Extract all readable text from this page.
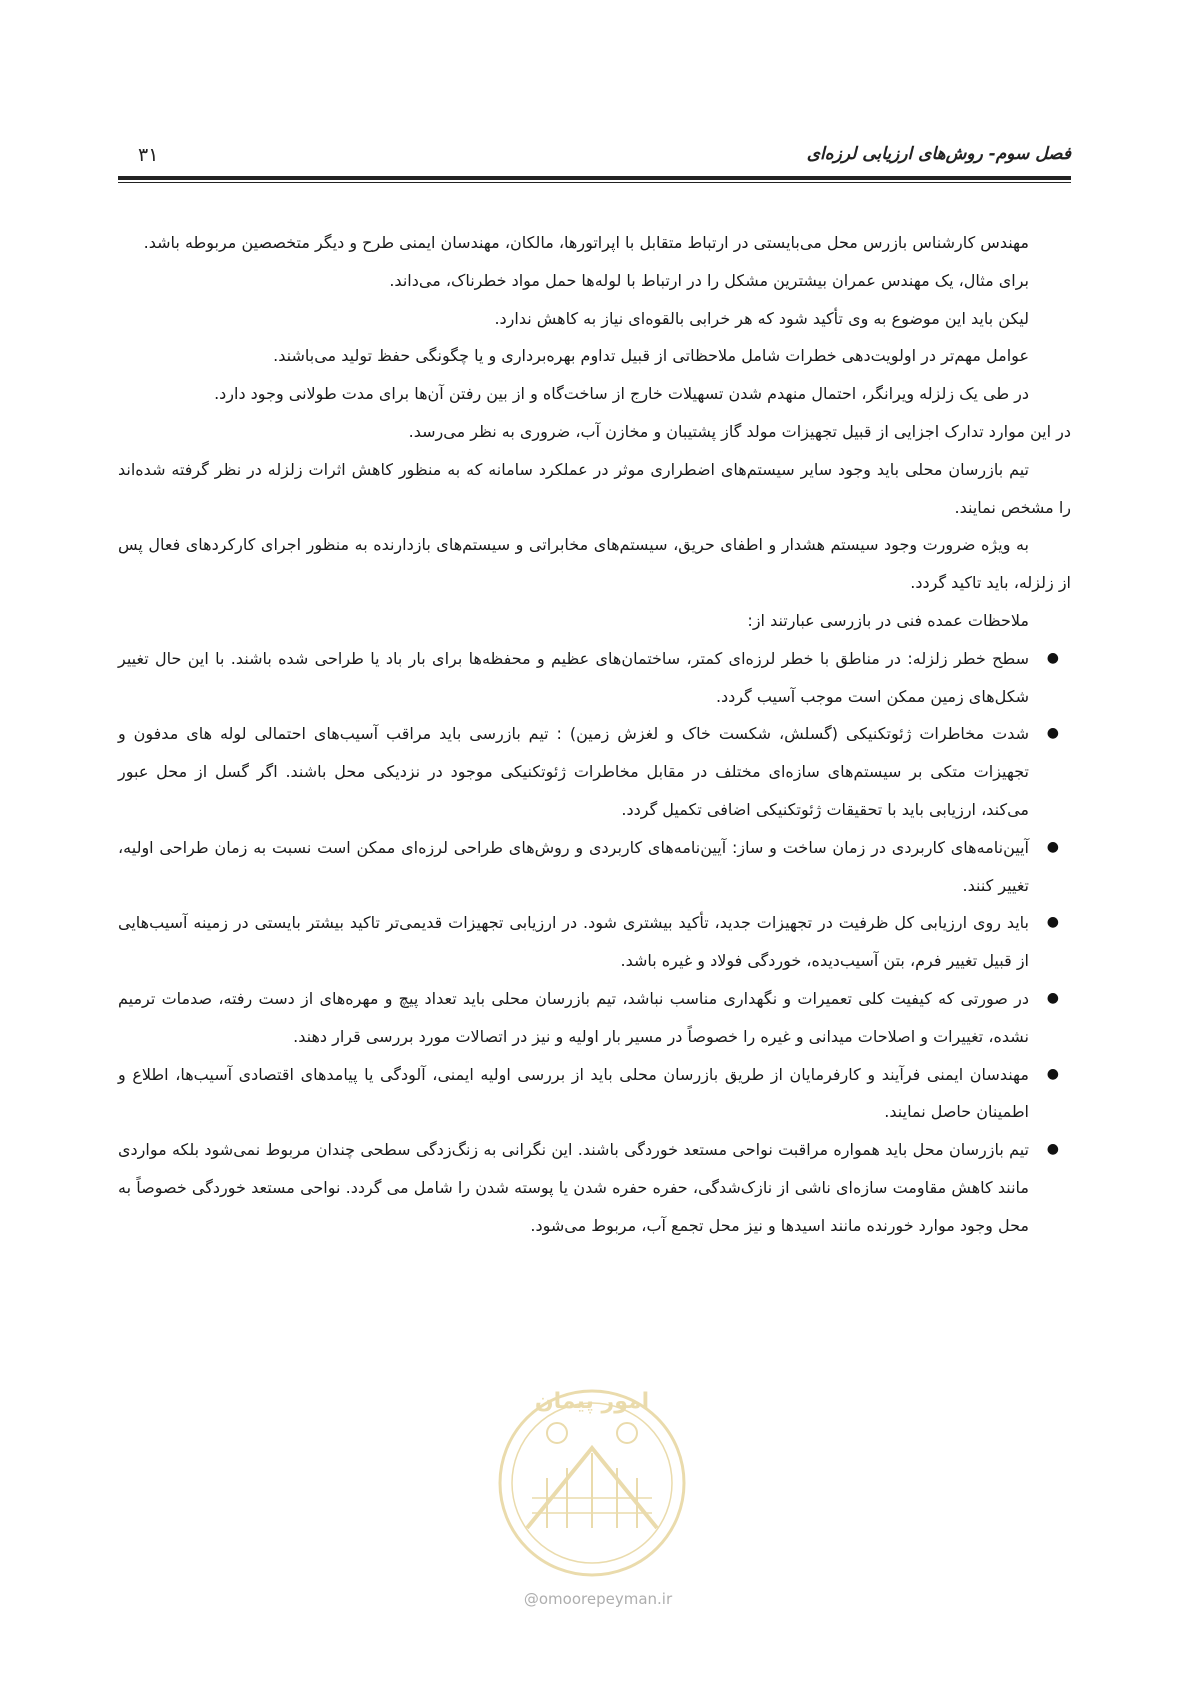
فصل سوم- روش‌های ارزیابی لرزه‌ای
۳۱

مهندس کارشناس بازرس محل می‌بایستی در ارتباط متقابل با اپراتورها، مالکان، مهندسان ایمنی طرح و دیگر متخصصین مربوطه باشد.

برای مثال، یک مهندس عمران بیشترین مشکل را در ارتباط با لوله‌ها حمل مواد خطرناک، می‌داند.

لیکن باید این موضوع به وی تأکید شود که هر خرابی بالقوه‌ای نیاز به کاهش ندارد.

عوامل مهم‌تر در اولویت‌دهی خطرات شامل ملاحظاتی از قبیل تداوم بهره‌برداری و یا چگونگی حفظ تولید می‌باشند.

در طی یک زلزله ویرانگر، احتمال منهدم شدن تسهیلات خارج از ساخت‌گاه و از بین رفتن آن‌ها برای مدت طولانی وجود دارد.

در این موارد تدارک اجزایی از قبیل تجهیزات مولد گاز پشتیبان و مخازن آب، ضروری به نظر می‌رسد.

تیم بازرسان محلی باید وجود سایر سیستم‌های اضطراری موثر در عملکرد سامانه که به منظور کاهش اثرات زلزله در نظر گرفته شده‌اند را مشخص نمایند.

به ویژه ضرورت وجود سیستم هشدار و اطفای حریق، سیستم‌های مخابراتی و سیستم‌های بازدارنده به منظور اجرای کارکردهای فعال پس از زلزله، باید تاکید گردد.

ملاحظات عمده فنی در بازرسی عبارتند از:

●
سطح خطر زلزله: در مناطق با خطر لرزه‌ای کمتر، ساختمان‌های عظیم و محفظه‌ها برای بار باد یا طراحی شده باشند. با این حال تغییر شکل‌های زمین ممکن است موجب آسیب گردد.
●
شدت مخاطرات ژئوتکنیکی (گسلش، شکست خاک و لغزش زمین) : تیم بازرسی باید مراقب آسیب‌های احتمالی لوله های مدفون و تجهیزات متکی بر سیستم‌های سازه‌ای مختلف در مقابل مخاطرات ژئوتکنیکی موجود در نزدیکی محل باشند. اگر گسل از محل عبور می‌کند، ارزیابی باید با تحقیقات ژئوتکنیکی اضافی تکمیل گردد.
●
آیین‌نامه‌های کاربردی در زمان ساخت و ساز: آیین‌نامه‌های کاربردی و روش‌های طراحی لرزه‌ای ممکن است نسبت به زمان طراحی اولیه، تغییر کنند.
●
باید روی ارزیابی کل ظرفیت در تجهیزات جدید، تأکید بیشتری شود. در ارزیابی تجهیزات قدیمی‌تر تاکید بیشتر بایستی در زمینه آسیب‌هایی از قبیل تغییر فرم، بتن آسیب‌دیده، خوردگی فولاد و غیره باشد.
●
در صورتی که کیفیت کلی تعمیرات و نگهداری مناسب نباشد، تیم بازرسان محلی باید تعداد پیچ و مهره‌های از دست رفته، صدمات ترمیم نشده، تغییرات و اصلاحات میدانی و غیره را خصوصاً در مسیر بار اولیه و نیز در اتصالات مورد بررسی قرار دهند.
●
مهندسان ایمنی فرآیند و کارفرمایان از طریق بازرسان محلی باید از بررسی اولیه ایمنی، آلودگی یا پیامدهای اقتصادی آسیب‌ها، اطلاع و اطمینان حاصل نمایند.
●
تیم بازرسان محل باید همواره مراقبت نواحی مستعد خوردگی باشند. این نگرانی به زنگ‌زدگی سطحی چندان مربوط نمی‌شود بلکه مواردی مانند کاهش مقاومت سازه‌ای ناشی از نازک‌شدگی، حفره حفره شدن یا پوسته شدن را شامل می گردد. نواحی مستعد خوردگی خصوصاً به محل وجود موارد خورنده مانند اسیدها و نیز محل تجمع آب، مربوط می‌شود.
امور پیمان
@omoorepeyman.ir
